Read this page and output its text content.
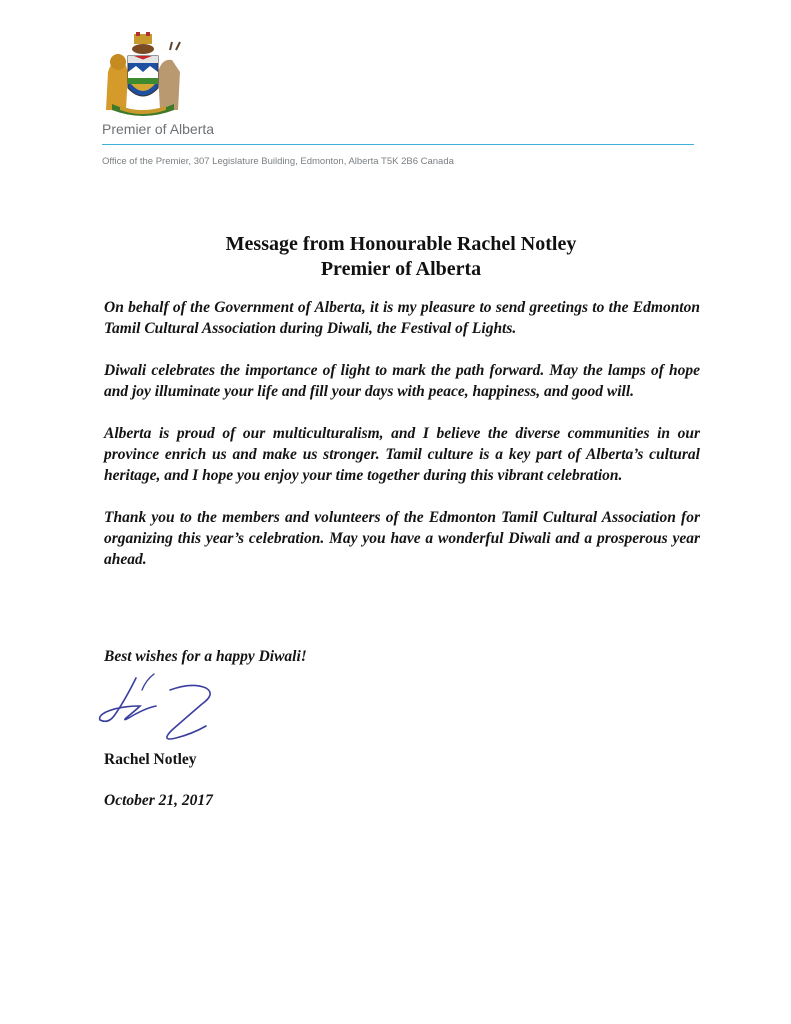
Premier of Alberta
Office of the Premier, 307 Legislature Building, Edmonton, Alberta T5K 2B6 Canada
Message from Honourable Rachel Notley
Premier of Alberta

On behalf of the Government of Alberta, it is my pleasure to send greetings to the Edmonton Tamil Cultural Association during Diwali, the Festival of Lights.

Diwali celebrates the importance of light to mark the path forward. May the lamps of hope and joy illuminate your life and fill your days with peace, happiness, and good will.

Alberta is proud of our multiculturalism, and I believe the diverse communities in our province enrich us and make us stronger. Tamil culture is a key part of Alberta’s cultural heritage, and I hope you enjoy your time together during this vibrant celebration.

Thank you to the members and volunteers of the Edmonton Tamil Cultural Association for organizing this year’s celebration. May you have a wonderful Diwali and a prosperous year ahead.

Best wishes for a happy Diwali!
Rachel Notley
October 21, 2017
